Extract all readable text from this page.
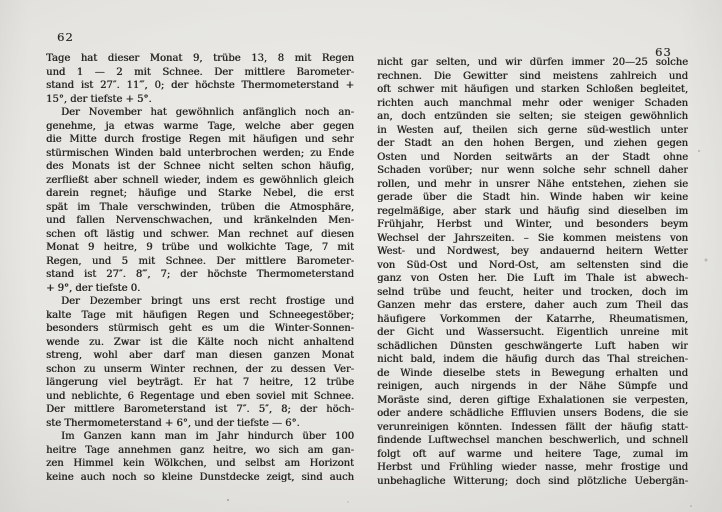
62
Tage hat dieser Monat 9, trübe 13, 8 mit Regen
und 1 — 2 mit Schnee. Der mittlere Barometer-
stand ist 27″. 11‴, 0; der höchste Thermometerstand +
15°, der tiefste + 5°.
Der November hat gewöhnlich anfänglich noch an-
genehme, ja etwas warme Tage, welche aber gegen
die Mitte durch frostige Regen mit häufigen und sehr
stürmischen Winden bald unterbrochen werden; zu Ende
des Monats ist der Schnee nicht selten schon häufig,
zerfließt aber schnell wieder, indem es gewöhnlich gleich
darein regnet; häufige und Starke Nebel, die erst
spät im Thale verschwinden, trüben die Atmosphäre,
und fallen Nervenschwachen, und kränkelnden Men-
schen oft lästig und schwer. Man rechnet auf diesen
Monat 9 heitre, 9 trübe und wolkichte Tage, 7 mit
Regen, und 5 mit Schnee. Der mittlere Barometer-
stand ist 27″. 8‴, 7; der höchste Thermometerstand
+ 9°, der tiefste 0.
Der Dezember bringt uns erst recht frostige und
kalte Tage mit häufigen Regen und Schneegestöber;
besonders stürmisch geht es um die Winter-Sonnen-
wende zu. Zwar ist die Kälte noch nicht anhaltend
streng, wohl aber darf man diesen ganzen Monat
schon zu unserm Winter rechnen, der zu dessen Ver-
längerung viel beyträgt. Er hat 7 heitre, 12 trübe
und neblichte, 6 Regentage und eben soviel mit Schnee.
Der mittlere Barometerstand ist 7″. 5″, 8; der höch-
ste Thermometerstand + 6°, und der tiefste — 6°.
Im Ganzen kann man im Jahr hindurch über 100
heitre Tage annehmen ganz heitre, wo sich am gan-
zen Himmel kein Wölkchen, und selbst am Horizont
keine auch noch so kleine Dunstdecke zeigt, sind auch
63
nicht gar selten, und wir dürfen immer 20—25 solche
rechnen. Die Gewitter sind meistens zahlreich und
oft schwer mit häufigen und starken Schloßen begleitet,
richten auch manchmal mehr oder weniger Schaden
an, doch entzünden sie selten; sie steigen gewöhnlich
in Westen auf, theilen sich gerne süd-westlich unter
der Stadt an den hohen Bergen, und ziehen gegen
Osten und Norden seitwärts an der Stadt ohne
Schaden vorüber; nur wenn solche sehr schnell daher
rollen, und mehr in unsrer Nähe entstehen, ziehen sie
gerade über die Stadt hin. Winde haben wir keine
regelmäßige, aber stark und häufig sind dieselben im
Frühjahr, Herbst und Winter, und besonders beym
Wechsel der Jahrszeiten. – Sie kommen meistens von
West- und Nordwest, bey andauernd heitern Wetter
von Süd-Ost und Nord-Ost, am seltensten sind die
ganz von Osten her. Die Luft im Thale ist abwech-
selnd trübe und feucht, heiter und trocken, doch im
Ganzen mehr das erstere, daher auch zum Theil das
häufigere Vorkommen der Katarrhe, Rheumatismen,
der Gicht und Wassersucht. Eigentlich unreine mit
schädlichen Dünsten geschwängerte Luft haben wir
nicht bald, indem die häufig durch das Thal streichen-
de Winde dieselbe stets in Bewegung erhalten und
reinigen, auch nirgends in der Nähe Sümpfe und
Moräste sind, deren giftige Exhalationen sie verpesten,
oder andere schädliche Effluvien unsers Bodens, die sie
verunreinigen könnten. Indessen fällt der häufig statt-
findende Luftwechsel manchen beschwerlich, und schnell
folgt oft auf warme und heitere Tage, zumal im
Herbst und Frühling wieder nasse, mehr frostige und
unbehagliche Witterung; doch sind plötzliche Uebergän-
